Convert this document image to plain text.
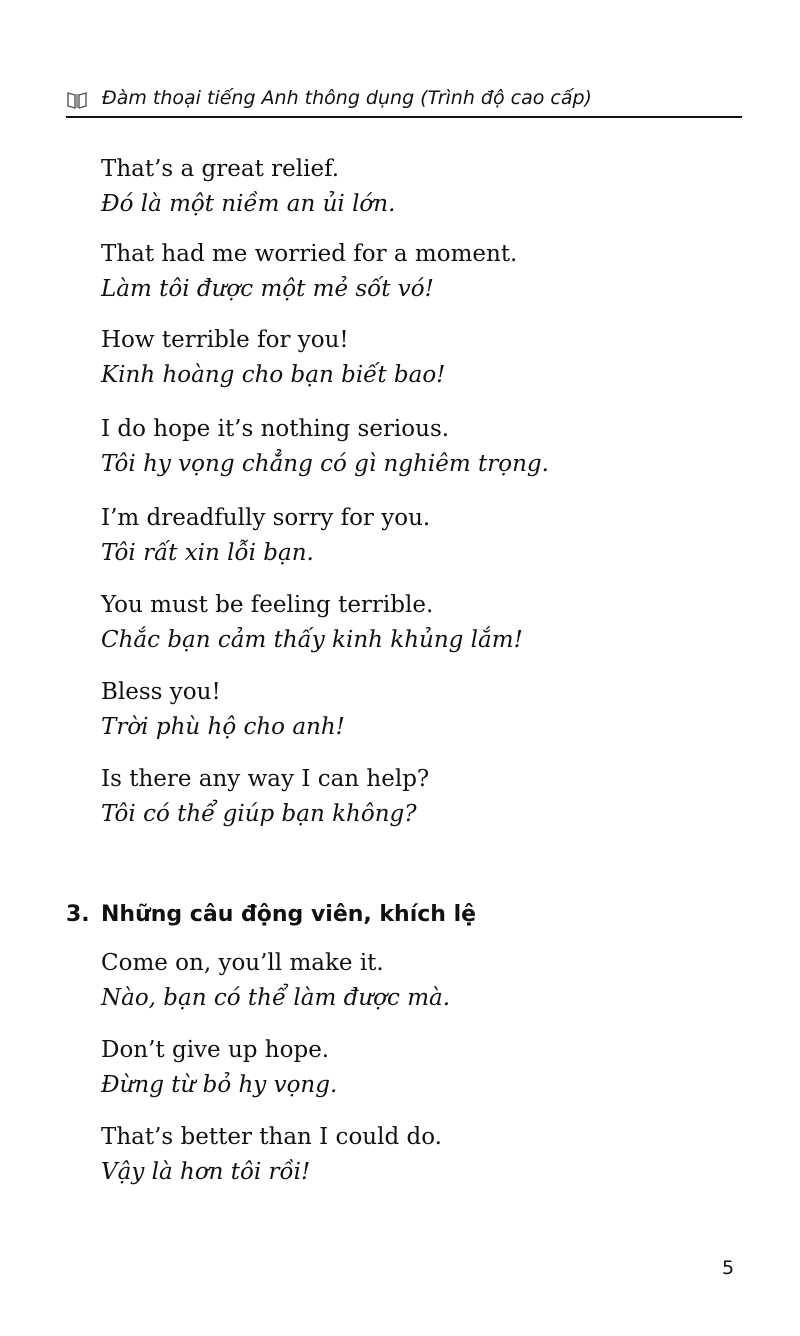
Đàm thoại tiếng Anh thông dụng (Trình độ cao cấp)
That’s a great relief.
Đó là một niềm an ủi lớn.
That had me worried for a moment.
Làm tôi được một mẻ sốt vó!
How terrible for you!
Kinh hoàng cho bạn biết bao!
I do hope it’s nothing serious.
Tôi hy vọng chẳng có gì nghiêm trọng.
I’m dreadfully sorry for you.
Tôi rất xin lỗi bạn.
You must be feeling terrible.
Chắc bạn cảm thấy kinh khủng lắm!
Bless you!
Trời phù hộ cho anh!
Is there any way I can help?
Tôi có thể giúp bạn không?
3. Những câu động viên, khích lệ
Come on, you’ll make it.
Nào, bạn có thể làm được mà.
Don’t give up hope.
Đừng từ bỏ hy vọng.
That’s better than I could do.
Vậy là hơn tôi rồi!
5
